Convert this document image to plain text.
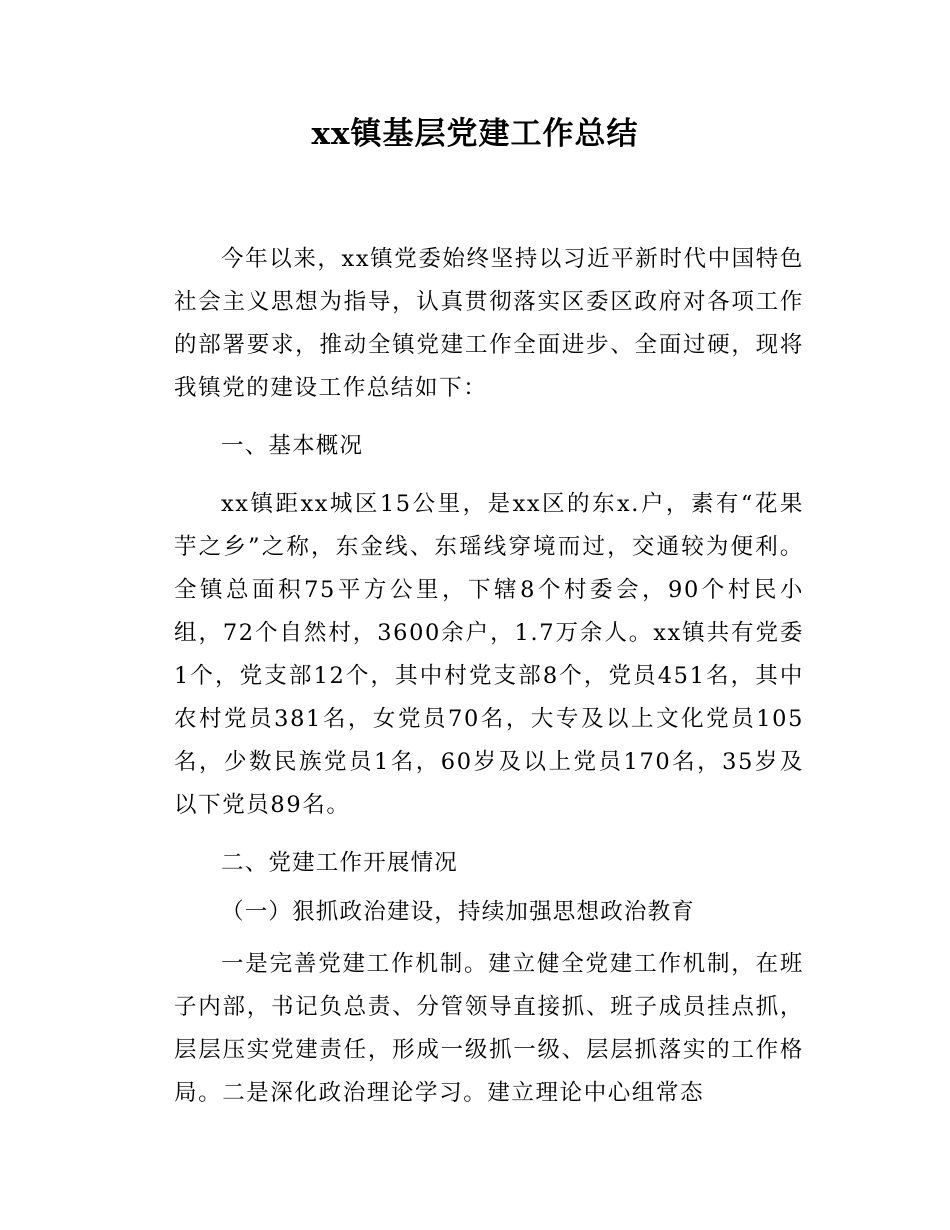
xx镇基层党建工作总结

今年以来，xx镇党委始终坚持以习近平新时代中国特色社会主义思想为指导，认真贯彻落实区委区政府对各项工作的部署要求，推动全镇党建工作全面进步、全面过硬，现将我镇党的建设工作总结如下：

一、基本概况

xx镇距xx城区15公里，是xx区的东x.户，素有“花果芋之乡”之称，东金线、东瑶线穿境而过，交通较为便利。全镇总面积75平方公里，下辖8个村委会，90个村民小组，72个自然村，3600余户，1.7万余人。xx镇共有党委1个，党支部12个，其中村党支部8个，党员451名，其中农村党员381名，女党员70名，大专及以上文化党员105名，少数民族党员1名，60岁及以上党员170名，35岁及以下党员89名。

二、党建工作开展情况

（一）狠抓政治建设，持续加强思想政治教育

一是完善党建工作机制。建立健全党建工作机制，在班子内部，书记负总责、分管领导直接抓、班子成员挂点抓，层层压实党建责任，形成一级抓一级、层层抓落实的工作格局。二是深化政治理论学习。建立理论中心组常态
